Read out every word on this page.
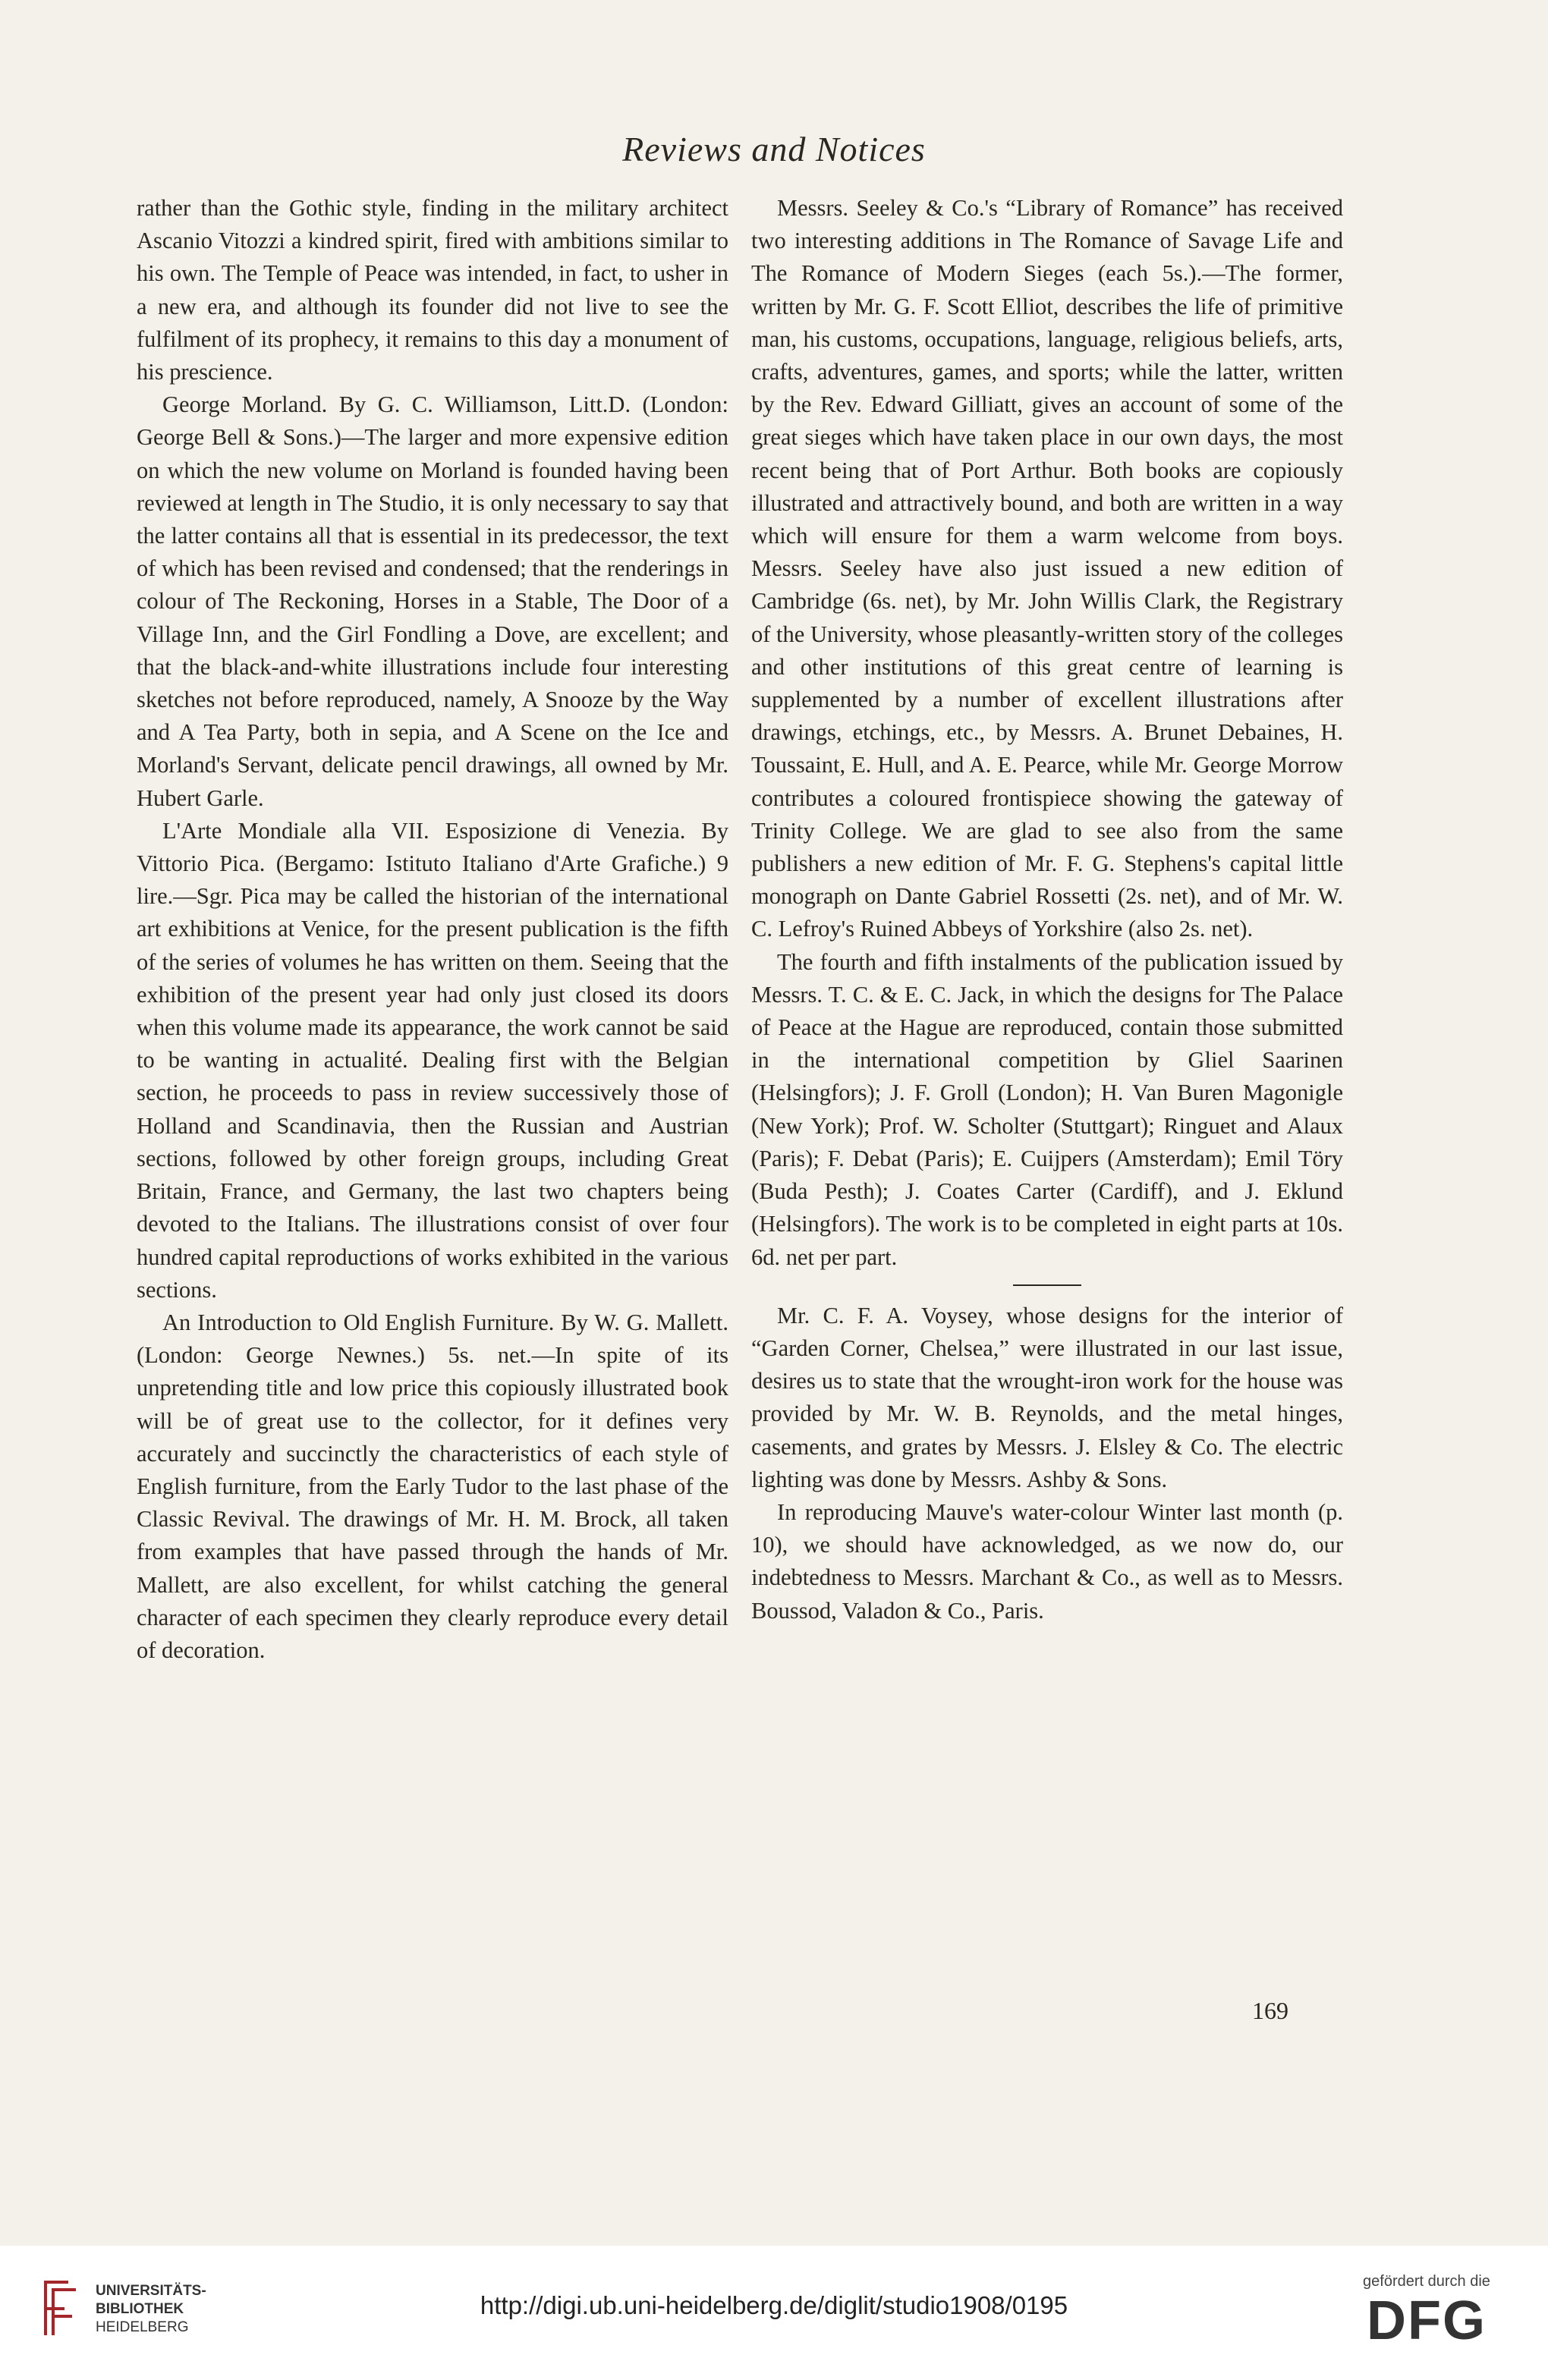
Reviews and Notices

rather than the Gothic style, finding in the military architect Ascanio Vitozzi a kindred spirit, fired with ambitions similar to his own. The Temple of Peace was intended, in fact, to usher in a new era, and although its founder did not live to see the fulfilment of its prophecy, it remains to this day a monument of his prescience.

George Morland. By G. C. Williamson, Litt.D. (London: George Bell & Sons.)—The larger and more expensive edition on which the new volume on Morland is founded having been reviewed at length in The Studio, it is only necessary to say that the latter contains all that is essential in its predecessor, the text of which has been revised and condensed; that the renderings in colour of The Reckoning, Horses in a Stable, The Door of a Village Inn, and the Girl Fondling a Dove, are excellent; and that the black-and-white illustrations include four interesting sketches not before reproduced, namely, A Snooze by the Way and A Tea Party, both in sepia, and A Scene on the Ice and Morland's Servant, delicate pencil drawings, all owned by Mr. Hubert Garle.

L'Arte Mondiale alla VII. Esposizione di Venezia. By Vittorio Pica. (Bergamo: Istituto Italiano d'Arte Grafiche.) 9 lire.—Sgr. Pica may be called the historian of the international art exhibitions at Venice, for the present publication is the fifth of the series of volumes he has written on them. Seeing that the exhibition of the present year had only just closed its doors when this volume made its appearance, the work cannot be said to be wanting in actualité. Dealing first with the Belgian section, he proceeds to pass in review successively those of Holland and Scandinavia, then the Russian and Austrian sections, followed by other foreign groups, including Great Britain, France, and Germany, the last two chapters being devoted to the Italians. The illustrations consist of over four hundred capital reproductions of works exhibited in the various sections.

An Introduction to Old English Furniture. By W. G. Mallett. (London: George Newnes.) 5s. net.—In spite of its unpretending title and low price this copiously illustrated book will be of great use to the collector, for it defines very accurately and succinctly the characteristics of each style of English furniture, from the Early Tudor to the last phase of the Classic Revival. The drawings of Mr. H. M. Brock, all taken from examples that have passed through the hands of Mr. Mallett, are also excellent, for whilst catching the general character of each specimen they clearly reproduce every detail of decoration.

Messrs. Seeley & Co.'s “Library of Romance” has received two interesting additions in The Romance of Savage Life and The Romance of Modern Sieges (each 5s.).—The former, written by Mr. G. F. Scott Elliot, describes the life of primitive man, his customs, occupations, language, religious beliefs, arts, crafts, adventures, games, and sports; while the latter, written by the Rev. Edward Gilliatt, gives an account of some of the great sieges which have taken place in our own days, the most recent being that of Port Arthur. Both books are copiously illustrated and attractively bound, and both are written in a way which will ensure for them a warm welcome from boys. Messrs. Seeley have also just issued a new edition of Cambridge (6s. net), by Mr. John Willis Clark, the Registrary of the University, whose pleasantly-written story of the colleges and other institutions of this great centre of learning is supplemented by a number of excellent illustrations after drawings, etchings, etc., by Messrs. A. Brunet Debaines, H. Toussaint, E. Hull, and A. E. Pearce, while Mr. George Morrow contributes a coloured frontispiece showing the gateway of Trinity College. We are glad to see also from the same publishers a new edition of Mr. F. G. Stephens's capital little monograph on Dante Gabriel Rossetti (2s. net), and of Mr. W. C. Lefroy's Ruined Abbeys of Yorkshire (also 2s. net).

The fourth and fifth instalments of the publication issued by Messrs. T. C. & E. C. Jack, in which the designs for The Palace of Peace at the Hague are reproduced, contain those submitted in the international competition by Gliel Saarinen (Helsingfors); J. F. Groll (London); H. Van Buren Magonigle (New York); Prof. W. Scholter (Stuttgart); Ringuet and Alaux (Paris); F. Debat (Paris); E. Cuijpers (Amsterdam); Emil Töry (Buda Pesth); J. Coates Carter (Cardiff), and J. Eklund (Helsingfors). The work is to be completed in eight parts at 10s. 6d. net per part.

Mr. C. F. A. Voysey, whose designs for the interior of “Garden Corner, Chelsea,” were illustrated in our last issue, desires us to state that the wrought-iron work for the house was provided by Mr. W. B. Reynolds, and the metal hinges, casements, and grates by Messrs. J. Elsley & Co. The electric lighting was done by Messrs. Ashby & Sons.

In reproducing Mauve's water-colour Winter last month (p. 10), we should have acknowledged, as we now do, our indebtedness to Messrs. Marchant & Co., as well as to Messrs. Boussod, Valadon & Co., Paris.

169
UNIVERSITÄTS-
BIBLIOTHEK
HEIDELBERG
http://digi.ub.uni-heidelberg.de/diglit/studio1908/0195
gefördert durch die
DFG
